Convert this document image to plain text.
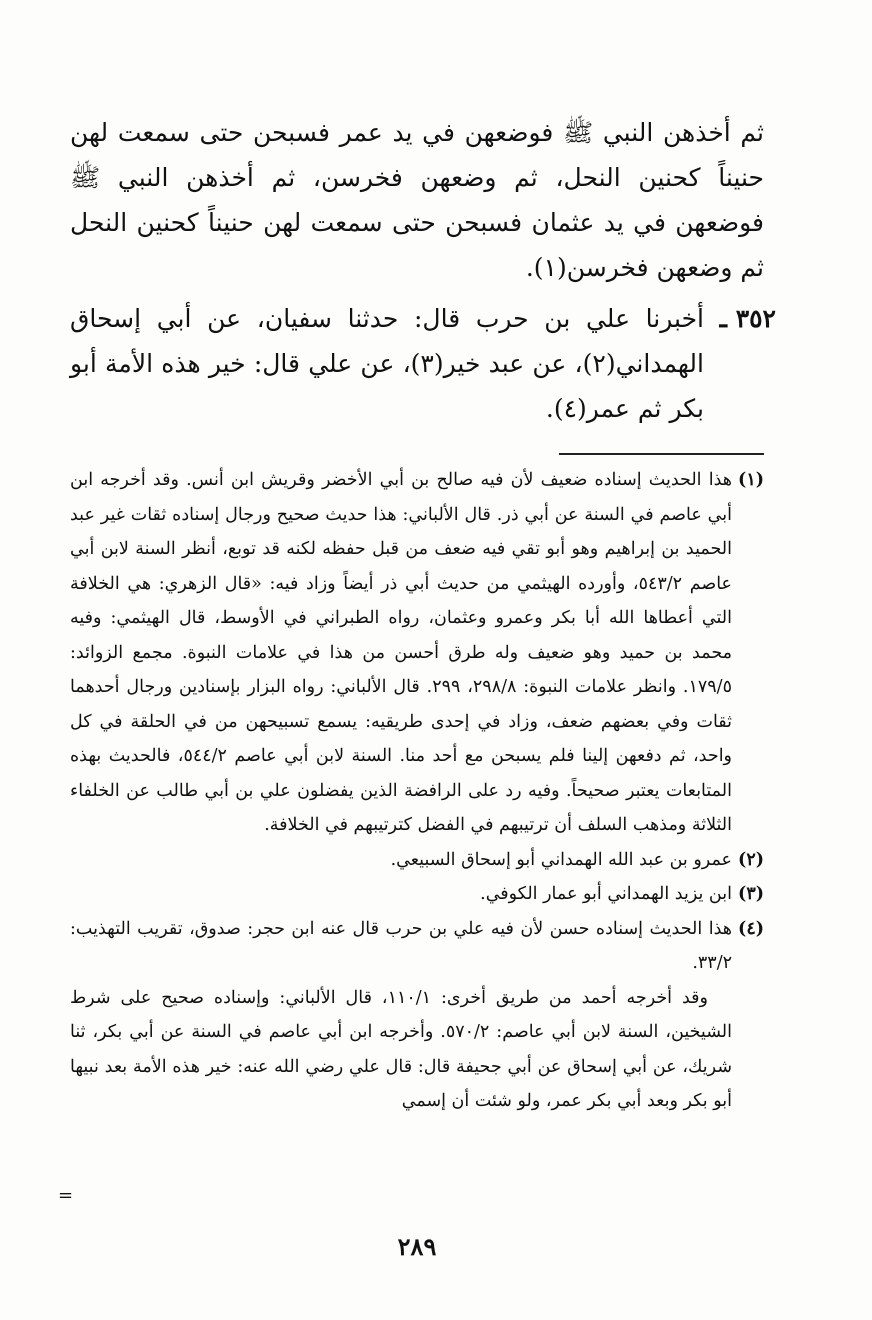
ثم أخذهن النبي ﷺ فوضعهن في يد عمر فسبحن حتى سمعت لهن حنيناً كحنين النحل، ثم وضعهن فخرسن، ثم أخذهن النبي ﷺ فوضعهن في يد عثمان فسبحن حتى سمعت لهن حنيناً كحنين النحل ثم وضعهن فخرسن(١).

٣٥٢ ـ
أخبرنا علي بن حرب قال: حدثنا سفيان، عن أبي إسحاق الهمداني(٢)، عن عبد خير(٣)، عن علي قال: خير هذه الأمة أبو بكر ثم عمر(٤).
(١)
هذا الحديث إسناده ضعيف لأن فيه صالح بن أبي الأخضر وقريش ابن أنس. وقد أخرجه ابن أبي عاصم في السنة عن أبي ذر. قال الألباني: هذا حديث صحيح ورجال إسناده ثقات غير عبد الحميد بن إبراهيم وهو أبو تقي فيه ضعف من قبل حفظه لكنه قد توبع، أنظر السنة لابن أبي عاصم ٥٤٣/٢، وأورده الهيثمي من حديث أبي ذر أيضاً وزاد فيه: «قال الزهري: هي الخلافة التي أعطاها الله أبا بكر وعمرو وعثمان، رواه الطبراني في الأوسط، قال الهيثمي: وفيه محمد بن حميد وهو ضعيف وله طرق أحسن من هذا في علامات النبوة. مجمع الزوائد: ١٧٩/٥. وانظر علامات النبوة: ٢٩٨/٨، ٢٩٩. قال الألباني: رواه البزار بإسنادين ورجال أحدهما ثقات وفي بعضهم ضعف، وزاد في إحدى طريقيه: يسمع تسبيحهن من في الحلقة في كل واحد، ثم دفعهن إلينا فلم يسبحن مع أحد منا. السنة لابن أبي عاصم ٥٤٤/٢، فالحديث بهذه المتابعات يعتبر صحيحاً. وفيه رد على الرافضة الذين يفضلون علي بن أبي طالب عن الخلفاء الثلاثة ومذهب السلف أن ترتيبهم في الفضل كترتيبهم في الخلافة.
(٢)
عمرو بن عبد الله الهمداني أبو إسحاق السبيعي.
(٣)
ابن يزيد الهمداني أبو عمار الكوفي.
(٤)
هذا الحديث إسناده حسن لأن فيه علي بن حرب قال عنه ابن حجر: صدوق، تقريب التهذيب: ٣٣/٢.

وقد أخرجه أحمد من طريق أخرى: ١١٠/١، قال الألباني: وإسناده صحيح على شرط الشيخين، السنة لابن أبي عاصم: ٥٧٠/٢. وأخرجه ابن أبي عاصم في السنة عن أبي بكر، ثنا شريك، عن أبي إسحاق عن أبي جحيفة قال: قال علي رضي الله عنه: خير هذه الأمة بعد نبيها أبو بكر وبعد أبي بكر عمر، ولو شئت أن إسمي

=
٢٨٩
